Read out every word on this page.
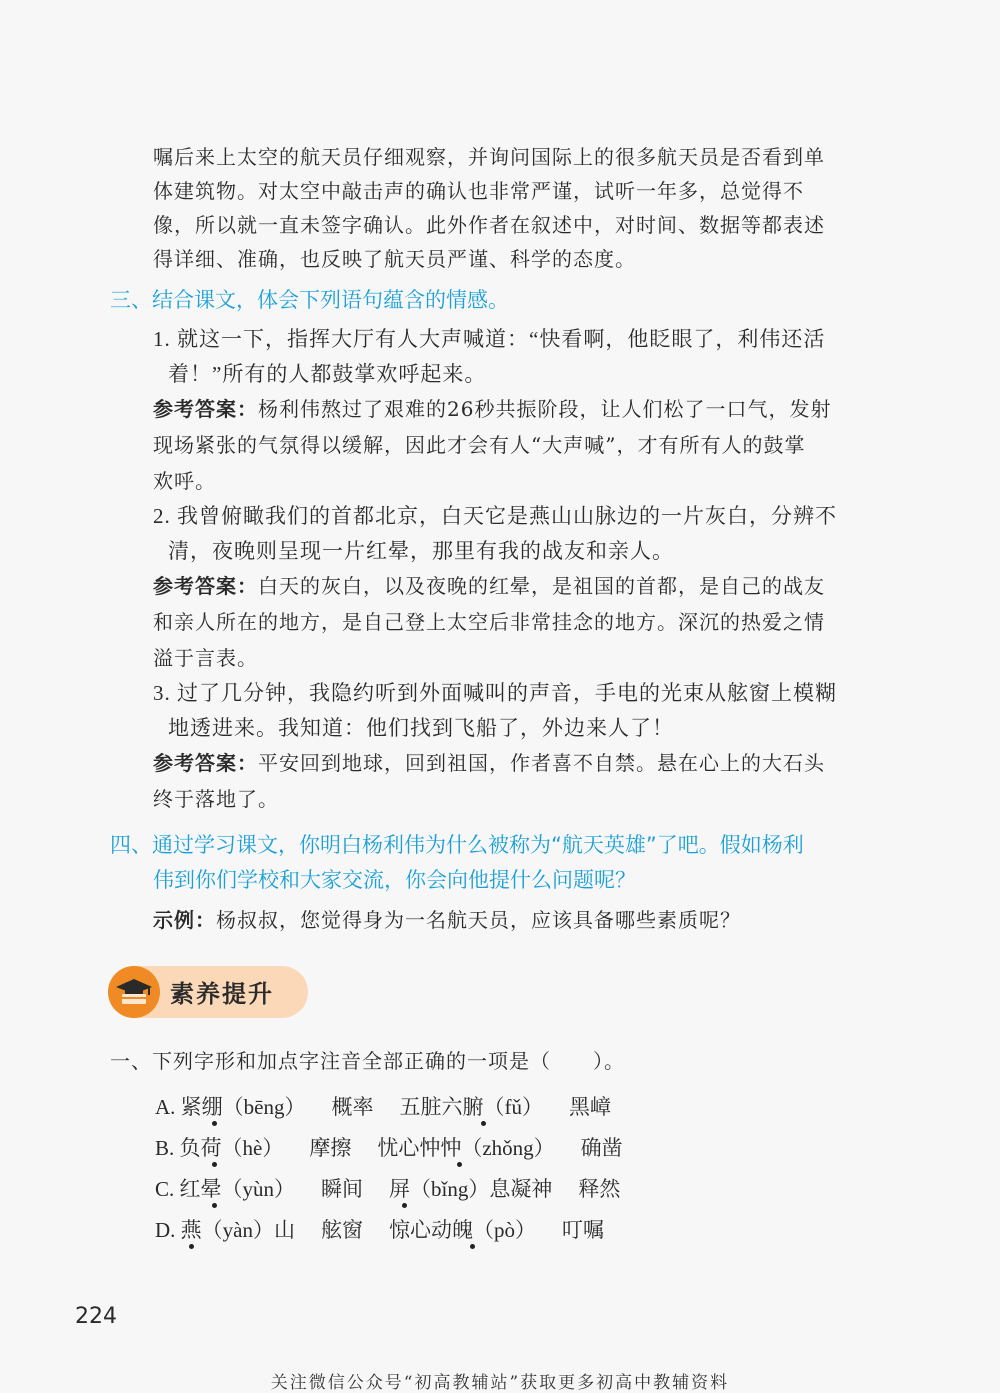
嘱后来上太空的航天员仔细观察，并询问国际上的很多航天员是否看到单
体建筑物。对太空中敲击声的确认也非常严谨，试听一年多，总觉得不
像，所以就一直未签字确认。此外作者在叙述中，对时间、数据等都表述
得详细、准确，也反映了航天员严谨、科学的态度。
三、结合课文，体会下列语句蕴含的情感。
1. 就这一下，指挥大厅有人大声喊道：“快看啊，他眨眼了，利伟还活
着！”所有的人都鼓掌欢呼起来。
参考答案：杨利伟熬过了艰难的26秒共振阶段，让人们松了一口气，发射
现场紧张的气氛得以缓解，因此才会有人“大声喊”，才有所有人的鼓掌
欢呼。
2. 我曾俯瞰我们的首都北京，白天它是燕山山脉边的一片灰白，分辨不
清，夜晚则呈现一片红晕，那里有我的战友和亲人。
参考答案：白天的灰白，以及夜晚的红晕，是祖国的首都，是自己的战友
和亲人所在的地方，是自己登上太空后非常挂念的地方。深沉的热爱之情
溢于言表。
3. 过了几分钟，我隐约听到外面喊叫的声音，手电的光束从舷窗上模糊
地透进来。我知道：他们找到飞船了，外边来人了！
参考答案：平安回到地球，回到祖国，作者喜不自禁。悬在心上的大石头
终于落地了。
四、通过学习课文，你明白杨利伟为什么被称为“航天英雄”了吧。假如杨利
伟到你们学校和大家交流，你会向他提什么问题呢？
示例：杨叔叔，您觉得身为一名航天员，应该具备哪些素质呢？
素养提升
一、下列字形和加点字注音全部正确的一项是（　　）。
A. 紧绷（bēng） 概率 五脏六腑（fǔ） 黑嶂
B. 负荷（hè） 摩擦 忧心忡忡（zhǒng） 确凿
C. 红晕（yùn） 瞬间 屏（bǐng）息凝神 释然
D. 燕（yàn）山 舷窗 惊心动魄（pò） 叮嘱
224
关注微信公众号“初高教辅站”获取更多初高中教辅资料
